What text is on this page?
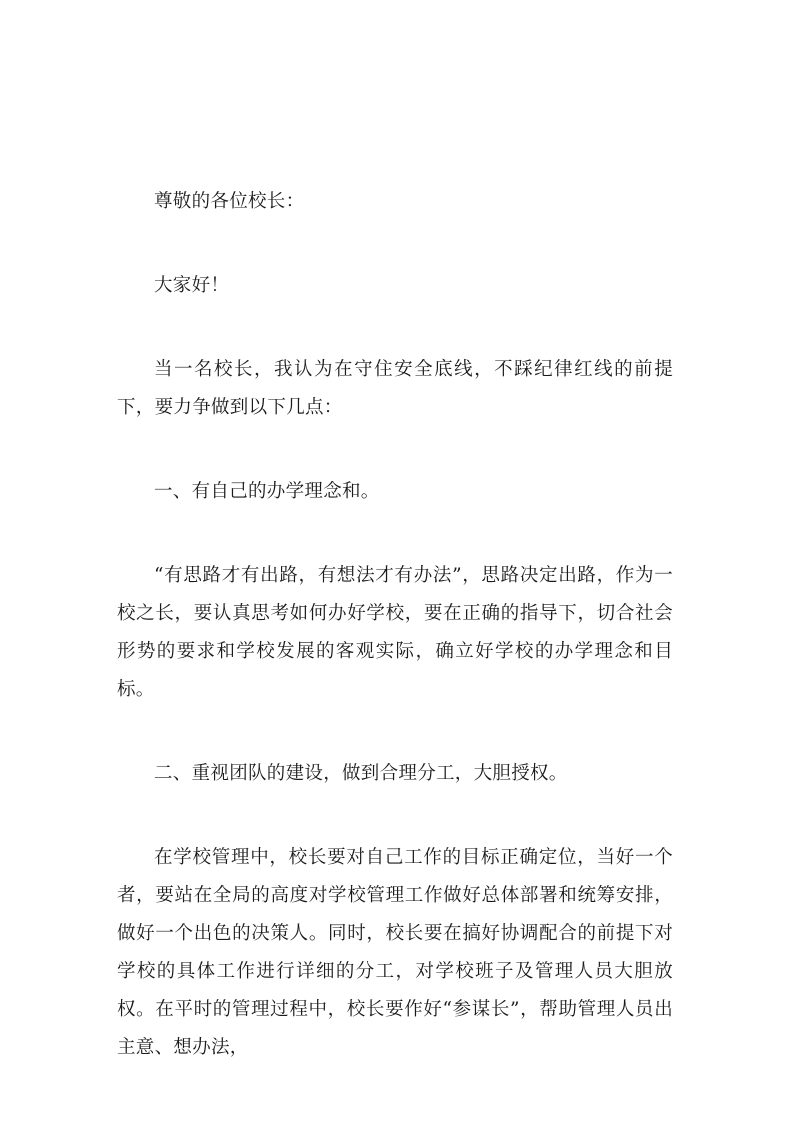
尊敬的各位校长：

大家好！

当一名校长，我认为在守住安全底线，不踩纪律红线的前提下，要力争做到以下几点：

一、有自己的办学理念和。

“有思路才有出路，有想法才有办法”，思路决定出路，作为一校之长，要认真思考如何办好学校，要在正确的指导下，切合社会形势的要求和学校发展的客观实际，确立好学校的办学理念和目标。

二、重视团队的建设，做到合理分工，大胆授权。

在学校管理中，校长要对自己工作的目标正确定位，当好一个者，要站在全局的高度对学校管理工作做好总体部署和统筹安排，做好一个出色的决策人。同时，校长要在搞好协调配合的前提下对学校的具体工作进行详细的分工，对学校班子及管理人员大胆放权。在平时的管理过程中，校长要作好“参谋长”，帮助管理人员出主意、想办法，
